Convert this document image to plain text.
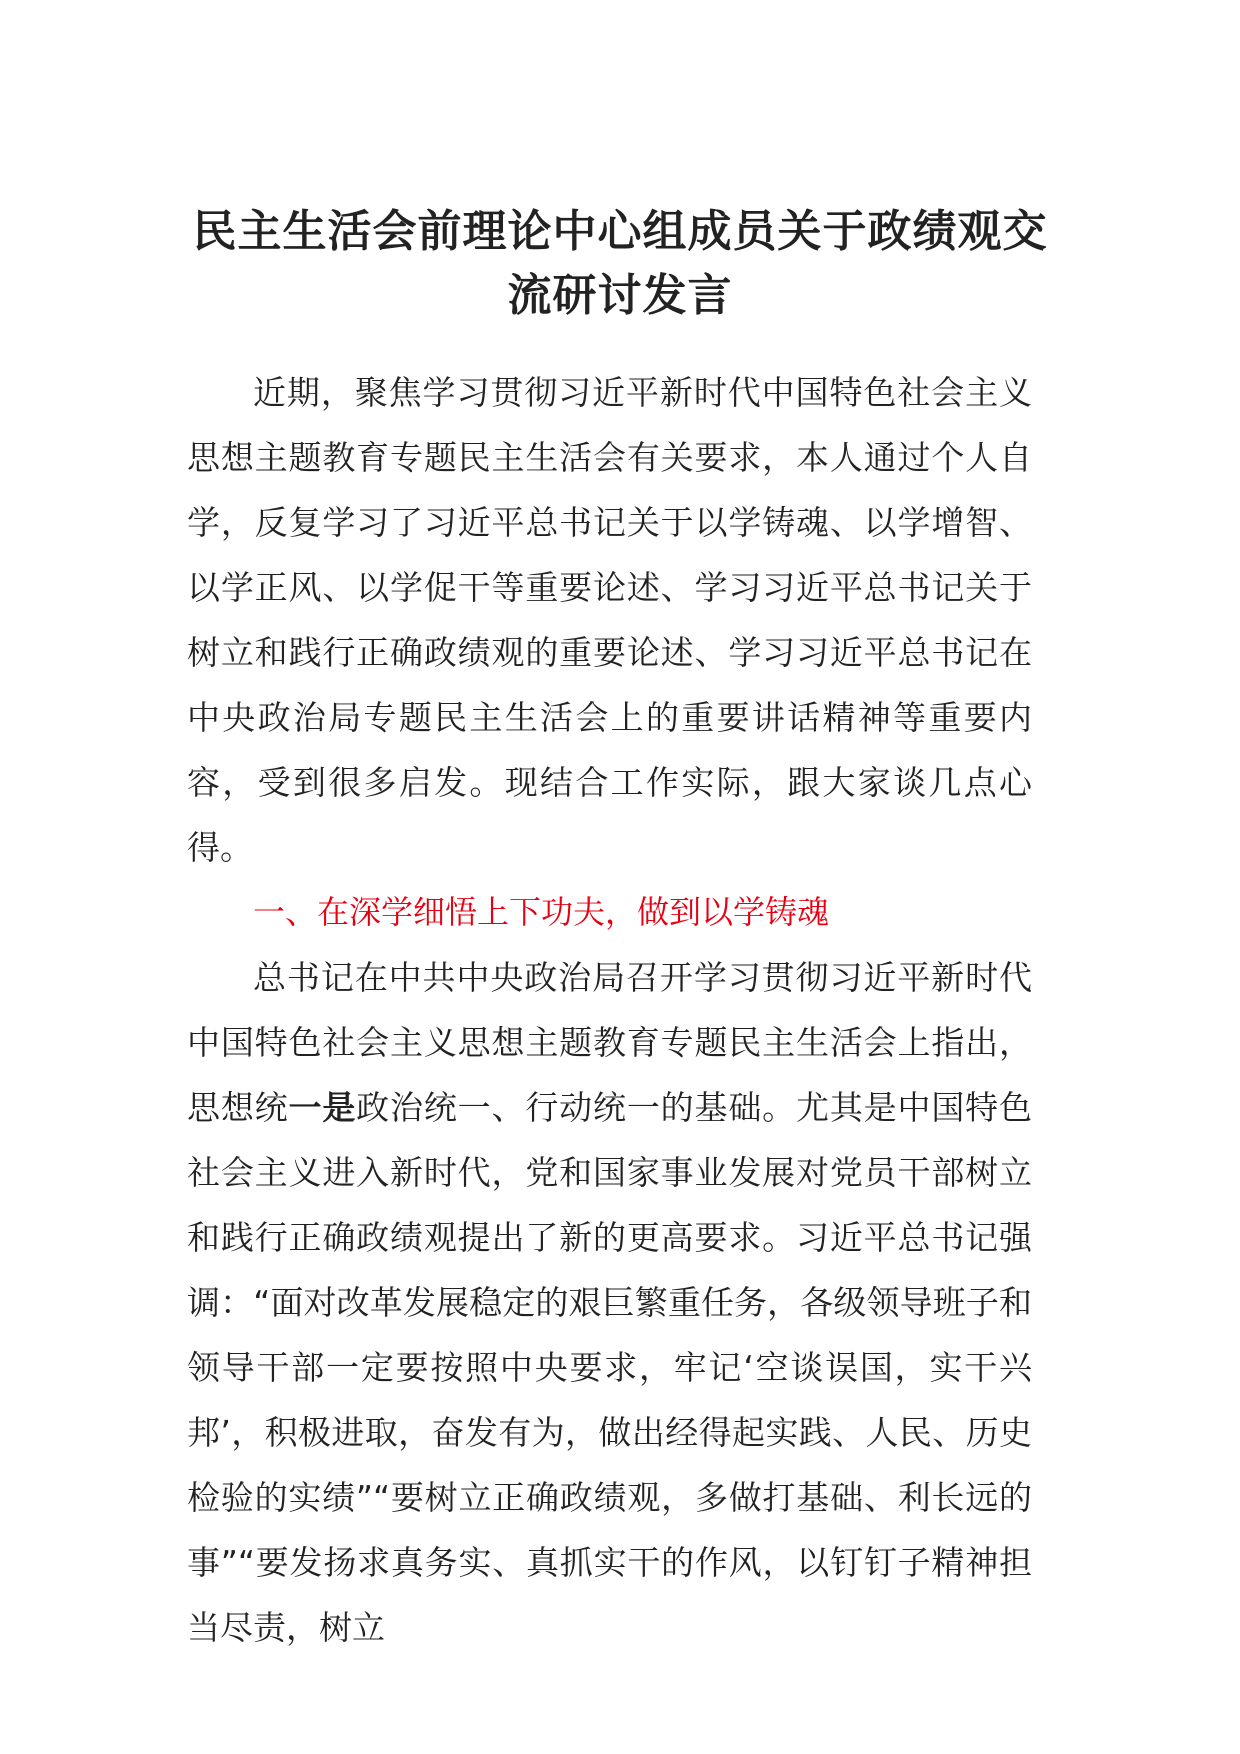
民主生活会前理论中心组成员关于政绩观交
流研讨发言

近期，聚焦学习贯彻习近平新时代中国特色社会主义思想主题教育专题民主生活会有关要求，本人通过个人自学，反复学习了习近平总书记关于以学铸魂、以学增智、以学正风、以学促干等重要论述、学习习近平总书记关于树立和践行正确政绩观的重要论述、学习习近平总书记在中央政治局专题民主生活会上的重要讲话精神等重要内容，受到很多启发。现结合工作实际，跟大家谈几点心得。

一、在深学细悟上下功夫，做到以学铸魂

总书记在中共中央政治局召开学习贯彻习近平新时代中国特色社会主义思想主题教育专题民主生活会上指出，思想统一是政治统一、行动统一的基础。尤其是中国特色社会主义进入新时代，党和国家事业发展对党员干部树立和践行正确政绩观提出了新的更高要求。习近平总书记强调：“面对改革发展稳定的艰巨繁重任务，各级领导班子和领导干部一定要按照中央要求，牢记‘空谈误国，实干兴邦’，积极进取，奋发有为，做出经得起实践、人民、历史检验的实绩”“要树立正确政绩观，多做打基础、利长远的事”“要发扬求真务实、真抓实干的作风，以钉钉子精神担当尽责，树立
